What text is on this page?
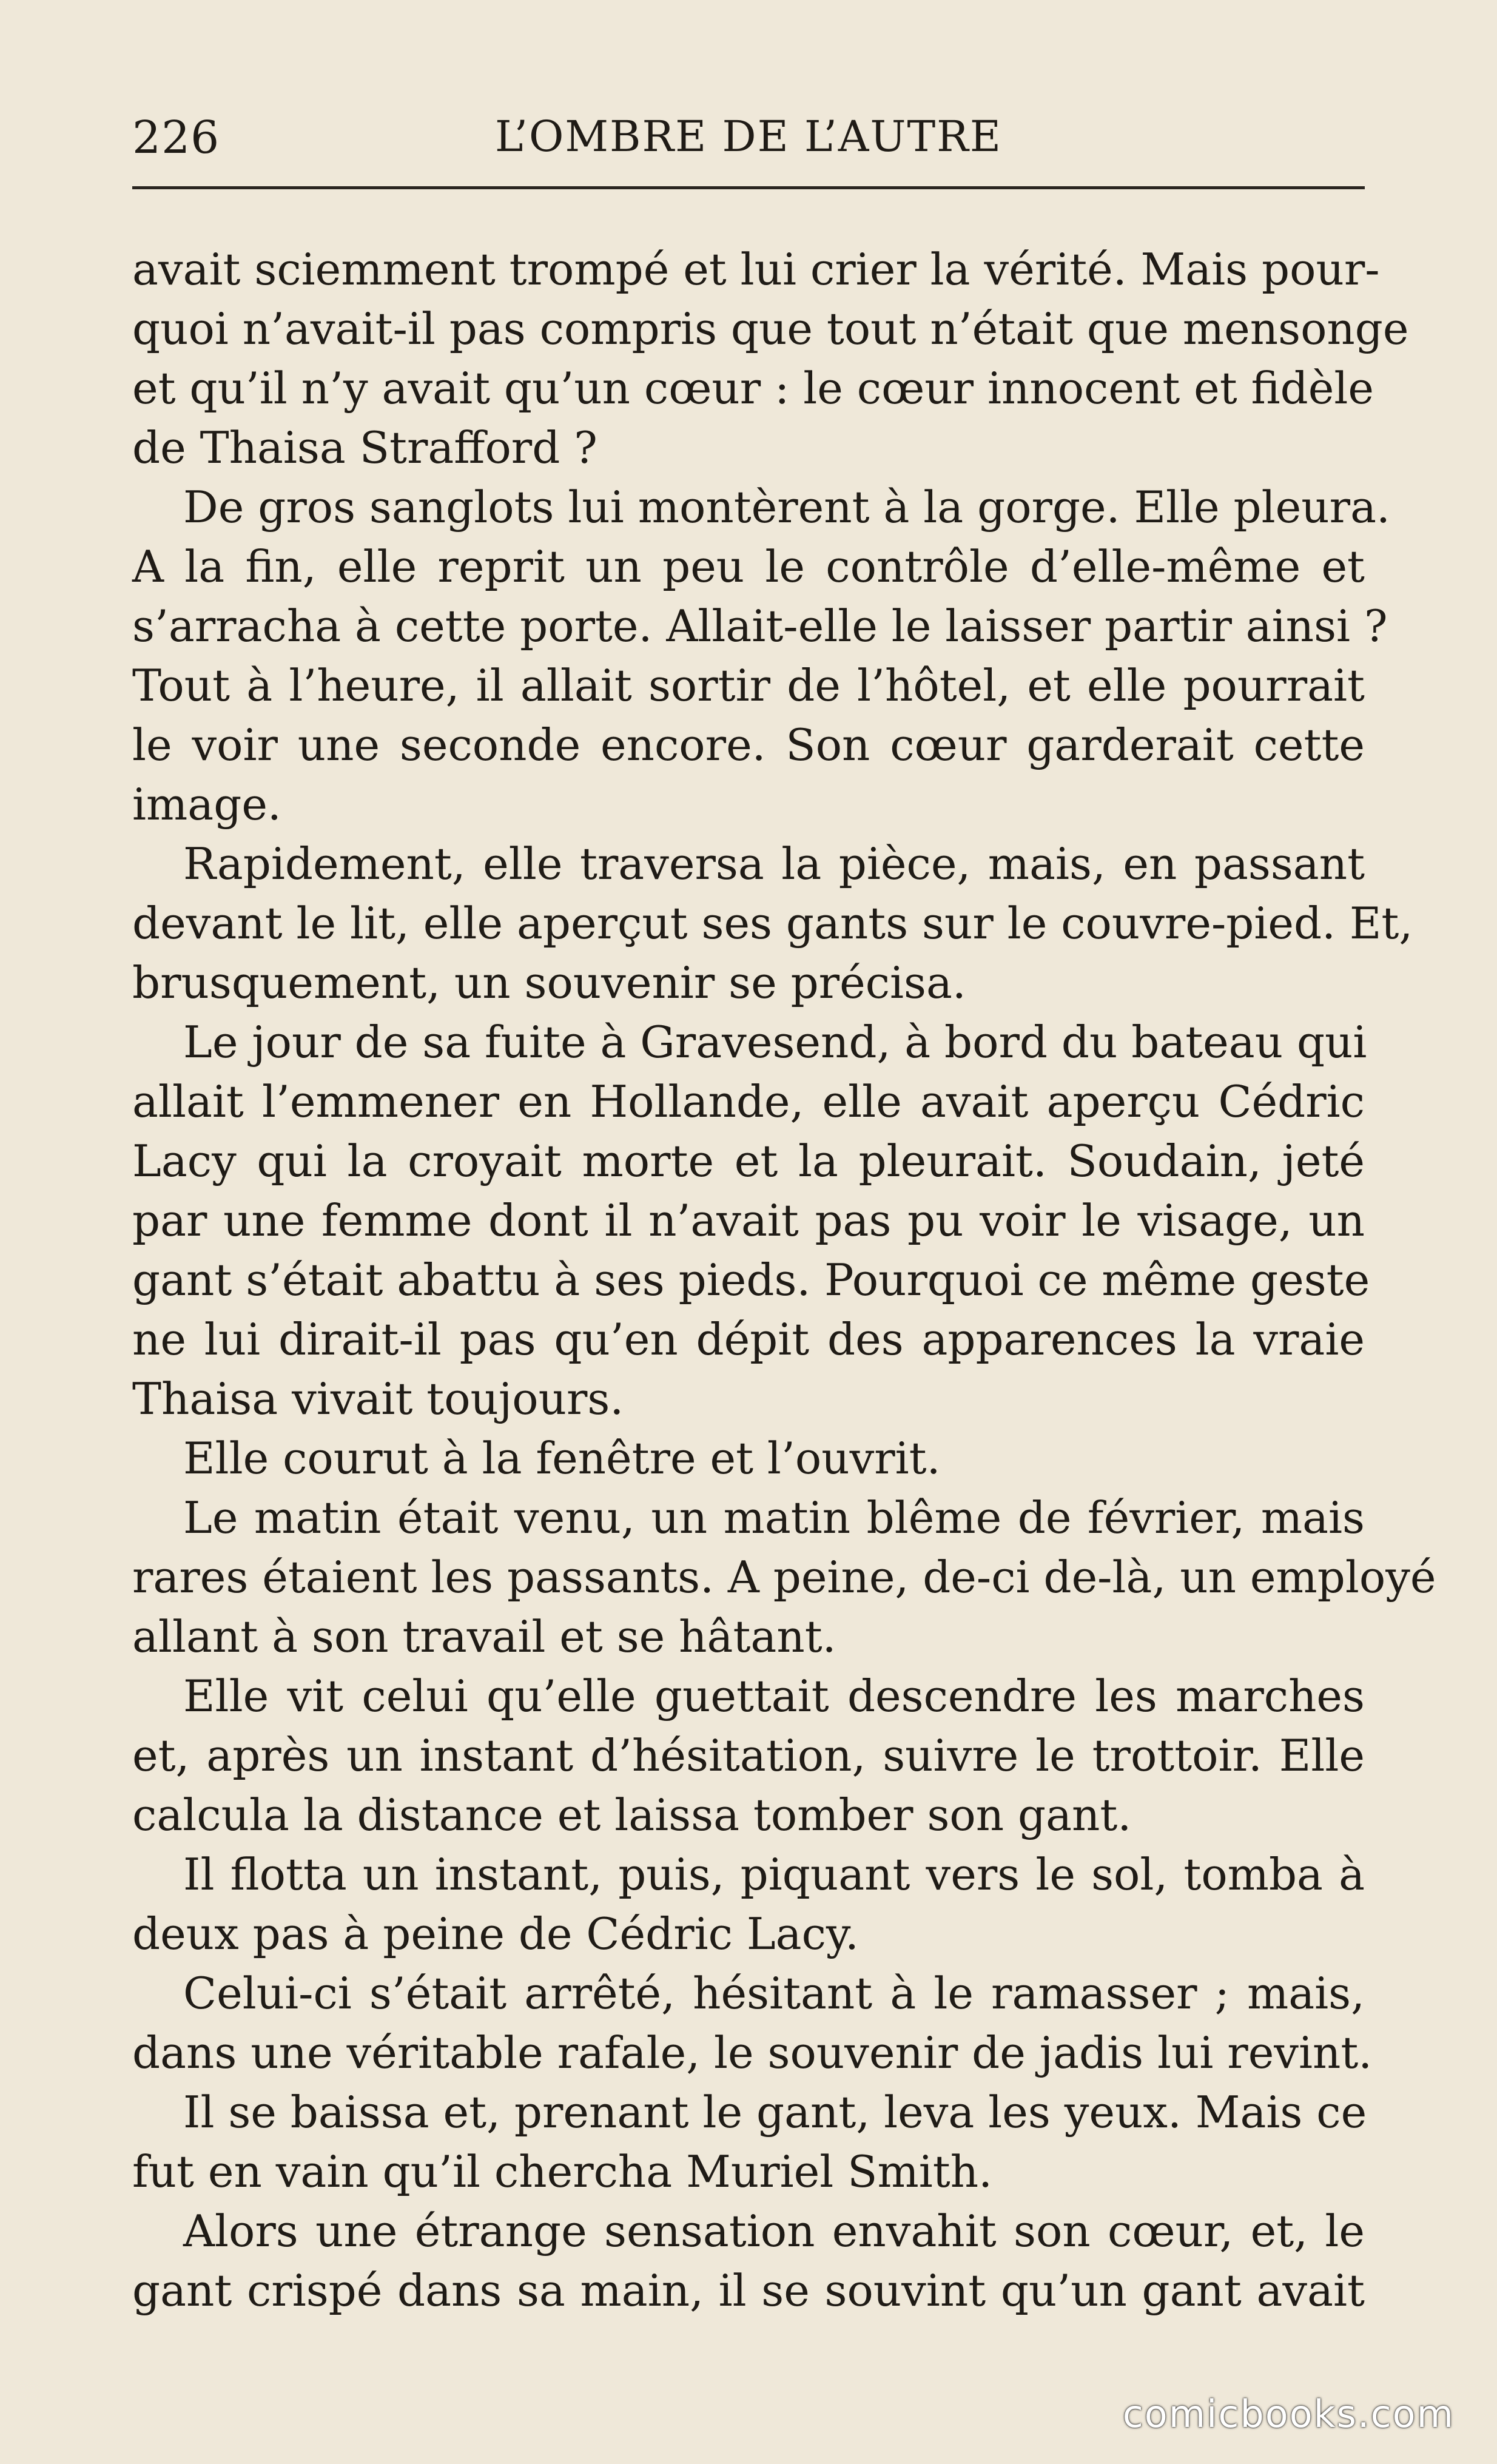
226	L’OMBRE DE L’AUTRE
avait sciemment trompé et lui crier la vérité. Mais pour-
quoi n’avait-il pas compris que tout n’était que mensonge
et qu’il n’y avait qu’un cœur : le cœur innocent et fidèle
de Thaisa Strafford ?
De gros sanglots lui montèrent à la gorge. Elle pleura.
A la fin, elle reprit un peu le contrôle d’elle-même et
s’arracha à cette porte. Allait-elle le laisser partir ainsi ?
Tout à l’heure, il allait sortir de l’hôtel, et elle pourrait
le voir une seconde encore. Son cœur garderait cette
image.
Rapidement, elle traversa la pièce, mais, en passant
devant le lit, elle aperçut ses gants sur le couvre-pied. Et,
brusquement, un souvenir se précisa.
Le jour de sa fuite à Gravesend, à bord du bateau qui
allait l’emmener en Hollande, elle avait aperçu Cédric
Lacy qui la croyait morte et la pleurait. Soudain, jeté
par une femme dont il n’avait pas pu voir le visage, un
gant s’était abattu à ses pieds. Pourquoi ce même geste
ne lui dirait-il pas qu’en dépit des apparences la vraie
Thaisa vivait toujours.
Elle courut à la fenêtre et l’ouvrit.
Le matin était venu, un matin blême de février, mais
rares étaient les passants. A peine, de-ci de-là, un employé
allant à son travail et se hâtant.
Elle vit celui qu’elle guettait descendre les marches
et, après un instant d’hésitation, suivre le trottoir. Elle
calcula la distance et laissa tomber son gant.
Il flotta un instant, puis, piquant vers le sol, tomba à
deux pas à peine de Cédric Lacy.
Celui-ci s’était arrêté, hésitant à le ramasser ; mais,
dans une véritable rafale, le souvenir de jadis lui revint.
Il se baissa et, prenant le gant, leva les yeux. Mais ce
fut en vain qu’il chercha Muriel Smith.
Alors une étrange sensation envahit son cœur, et, le
gant crispé dans sa main, il se souvint qu’un gant avait
comicbooks.com
